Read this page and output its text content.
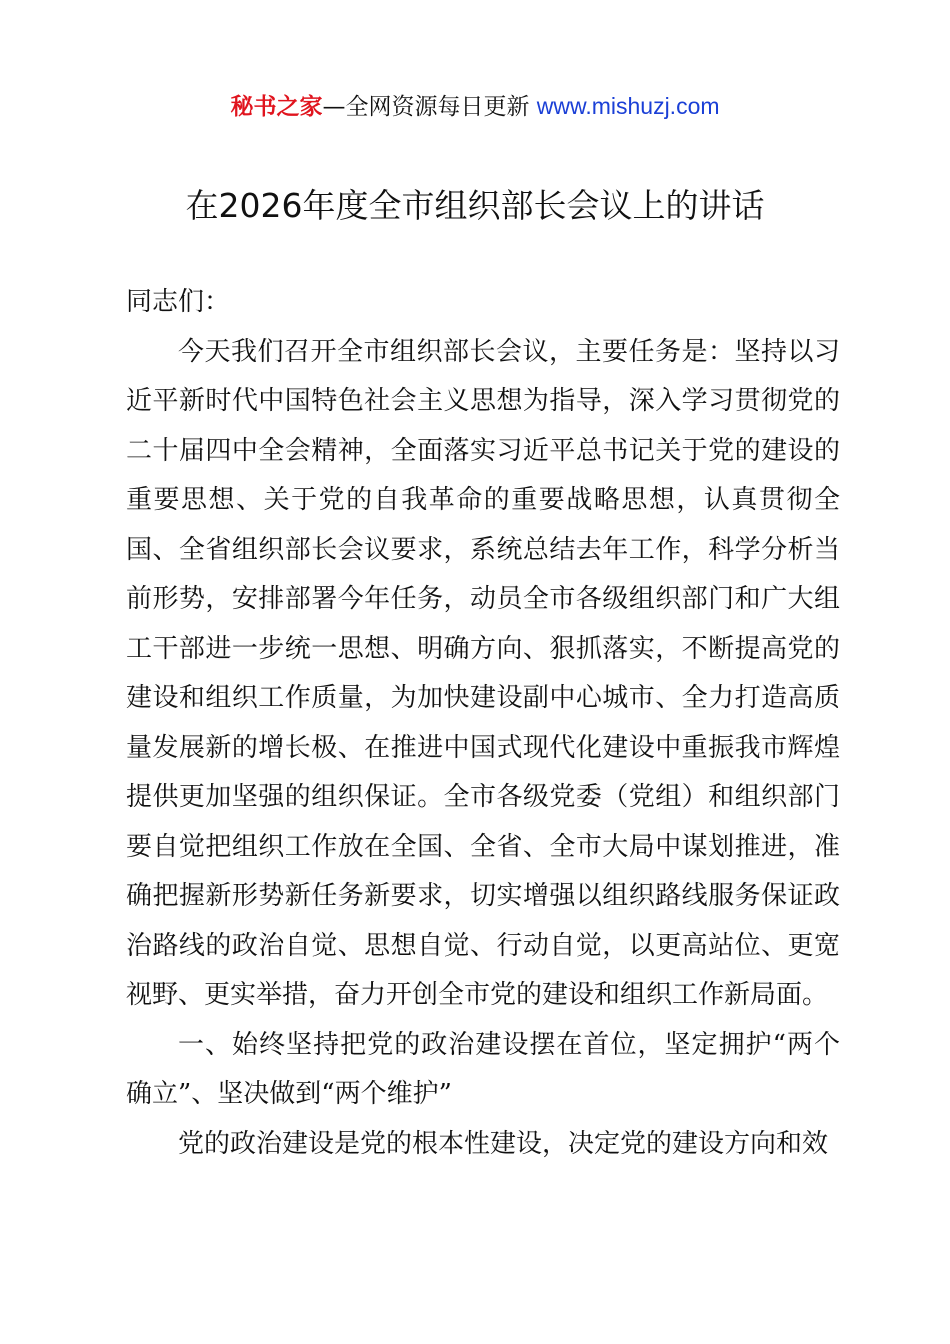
秘书之家—全网资源每日更新 www.mishuzj.com
在2026年度全市组织部长会议上的讲话

同志们：

今天我们召开全市组织部长会议，主要任务是：坚持以习近平新时代中国特色社会主义思想为指导，深入学习贯彻党的二十届四中全会精神，全面落实习近平总书记关于党的建设的重要思想、关于党的自我革命的重要战略思想，认真贯彻全国、全省组织部长会议要求，系统总结去年工作，科学分析当前形势，安排部署今年任务，动员全市各级组织部门和广大组工干部进一步统一思想、明确方向、狠抓落实，不断提高党的建设和组织工作质量，为加快建设副中心城市、全力打造高质量发展新的增长极、在推进中国式现代化建设中重振我市辉煌提供更加坚强的组织保证。全市各级党委（党组）和组织部门要自觉把组织工作放在全国、全省、全市大局中谋划推进，准确把握新形势新任务新要求，切实增强以组织路线服务保证政治路线的政治自觉、思想自觉、行动自觉，以更高站位、更宽视野、更实举措，奋力开创全市党的建设和组织工作新局面。

一、始终坚持把党的政治建设摆在首位，坚定拥护“两个确立”、坚决做到“两个维护”

党的政治建设是党的根本性建设，决定党的建设方向和效
